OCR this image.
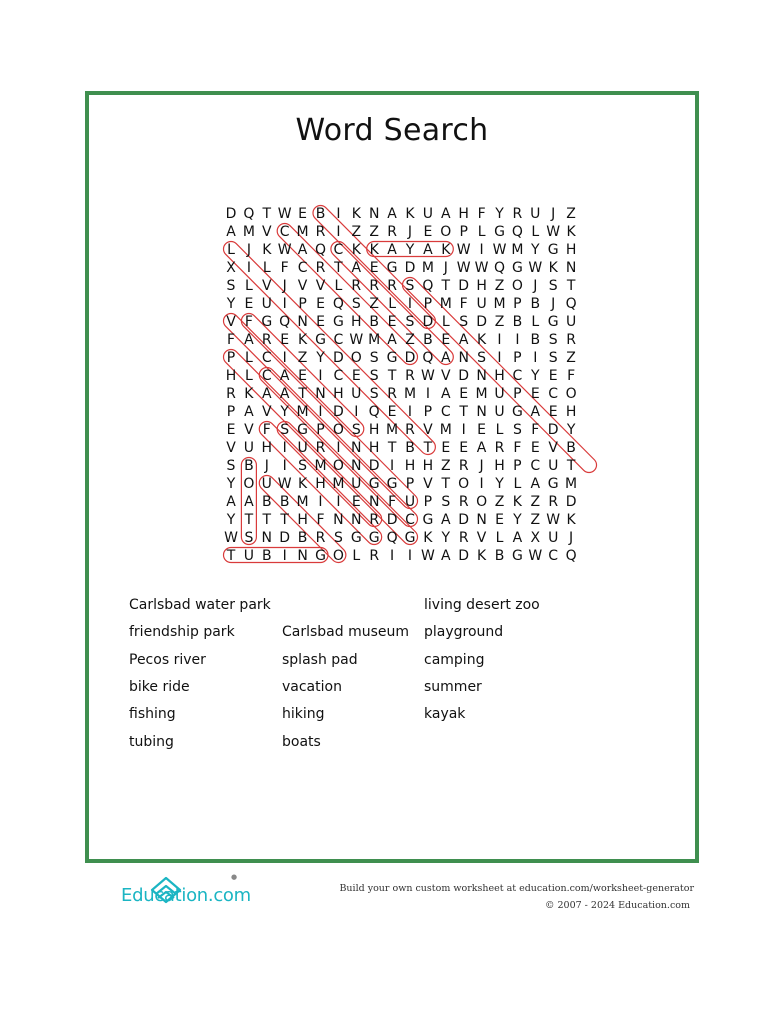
Word Search
D Q T W E B I K N A K U A H F Y R U J Z
A M V C M R I Z Z R J E O P L G Q L W K
L J K W A Q C K K A Y A K W I W M Y G H
X I L F C R T A E G D M J W W Q G W K N
S L V J V V L R R R S Q T D H Z O J S T
Y E U I P E Q S Z L I P M F U M P B J Q
V F G Q N E G H B E S D L S D Z B L G U
F A R E K G C W M A Z B E A K I I B S R
P L C I Z Y D O S G D Q A N S I P I S Z
H L C A E I C E S T R W V D N H C Y E F
R K A A T N H U S R M I A E M U P E C O
P A V Y M I D I Q E I P C T N U G A E H
E V F S G P O S H M R V M I E L S F D Y
V U H I U R I N H T B T E E A R F E V B
S B J I S M O N D I H H Z R J H P C U T
Y O U W K H M U G G P V T O I Y L A G M
A A B B M I I E N F U P S R O Z K Z R D
Y T T T H F N N R D C G A D N E Y Z W K
W S N D B R S G G Q G K Y R V L A X U J
T U B I N G O L R I I W A D K B G W C Q
Carlsbad water park
friendship park
Pecos river
bike ride
fishing
tubing
Carlsbad museum
splash pad
vacation
hiking
boats
living desert zoo
playground
camping
summer
kayak
Education.com
●
Build your own custom worksheet at education.com/worksheet-generator
© 2007 - 2024 Education.com
